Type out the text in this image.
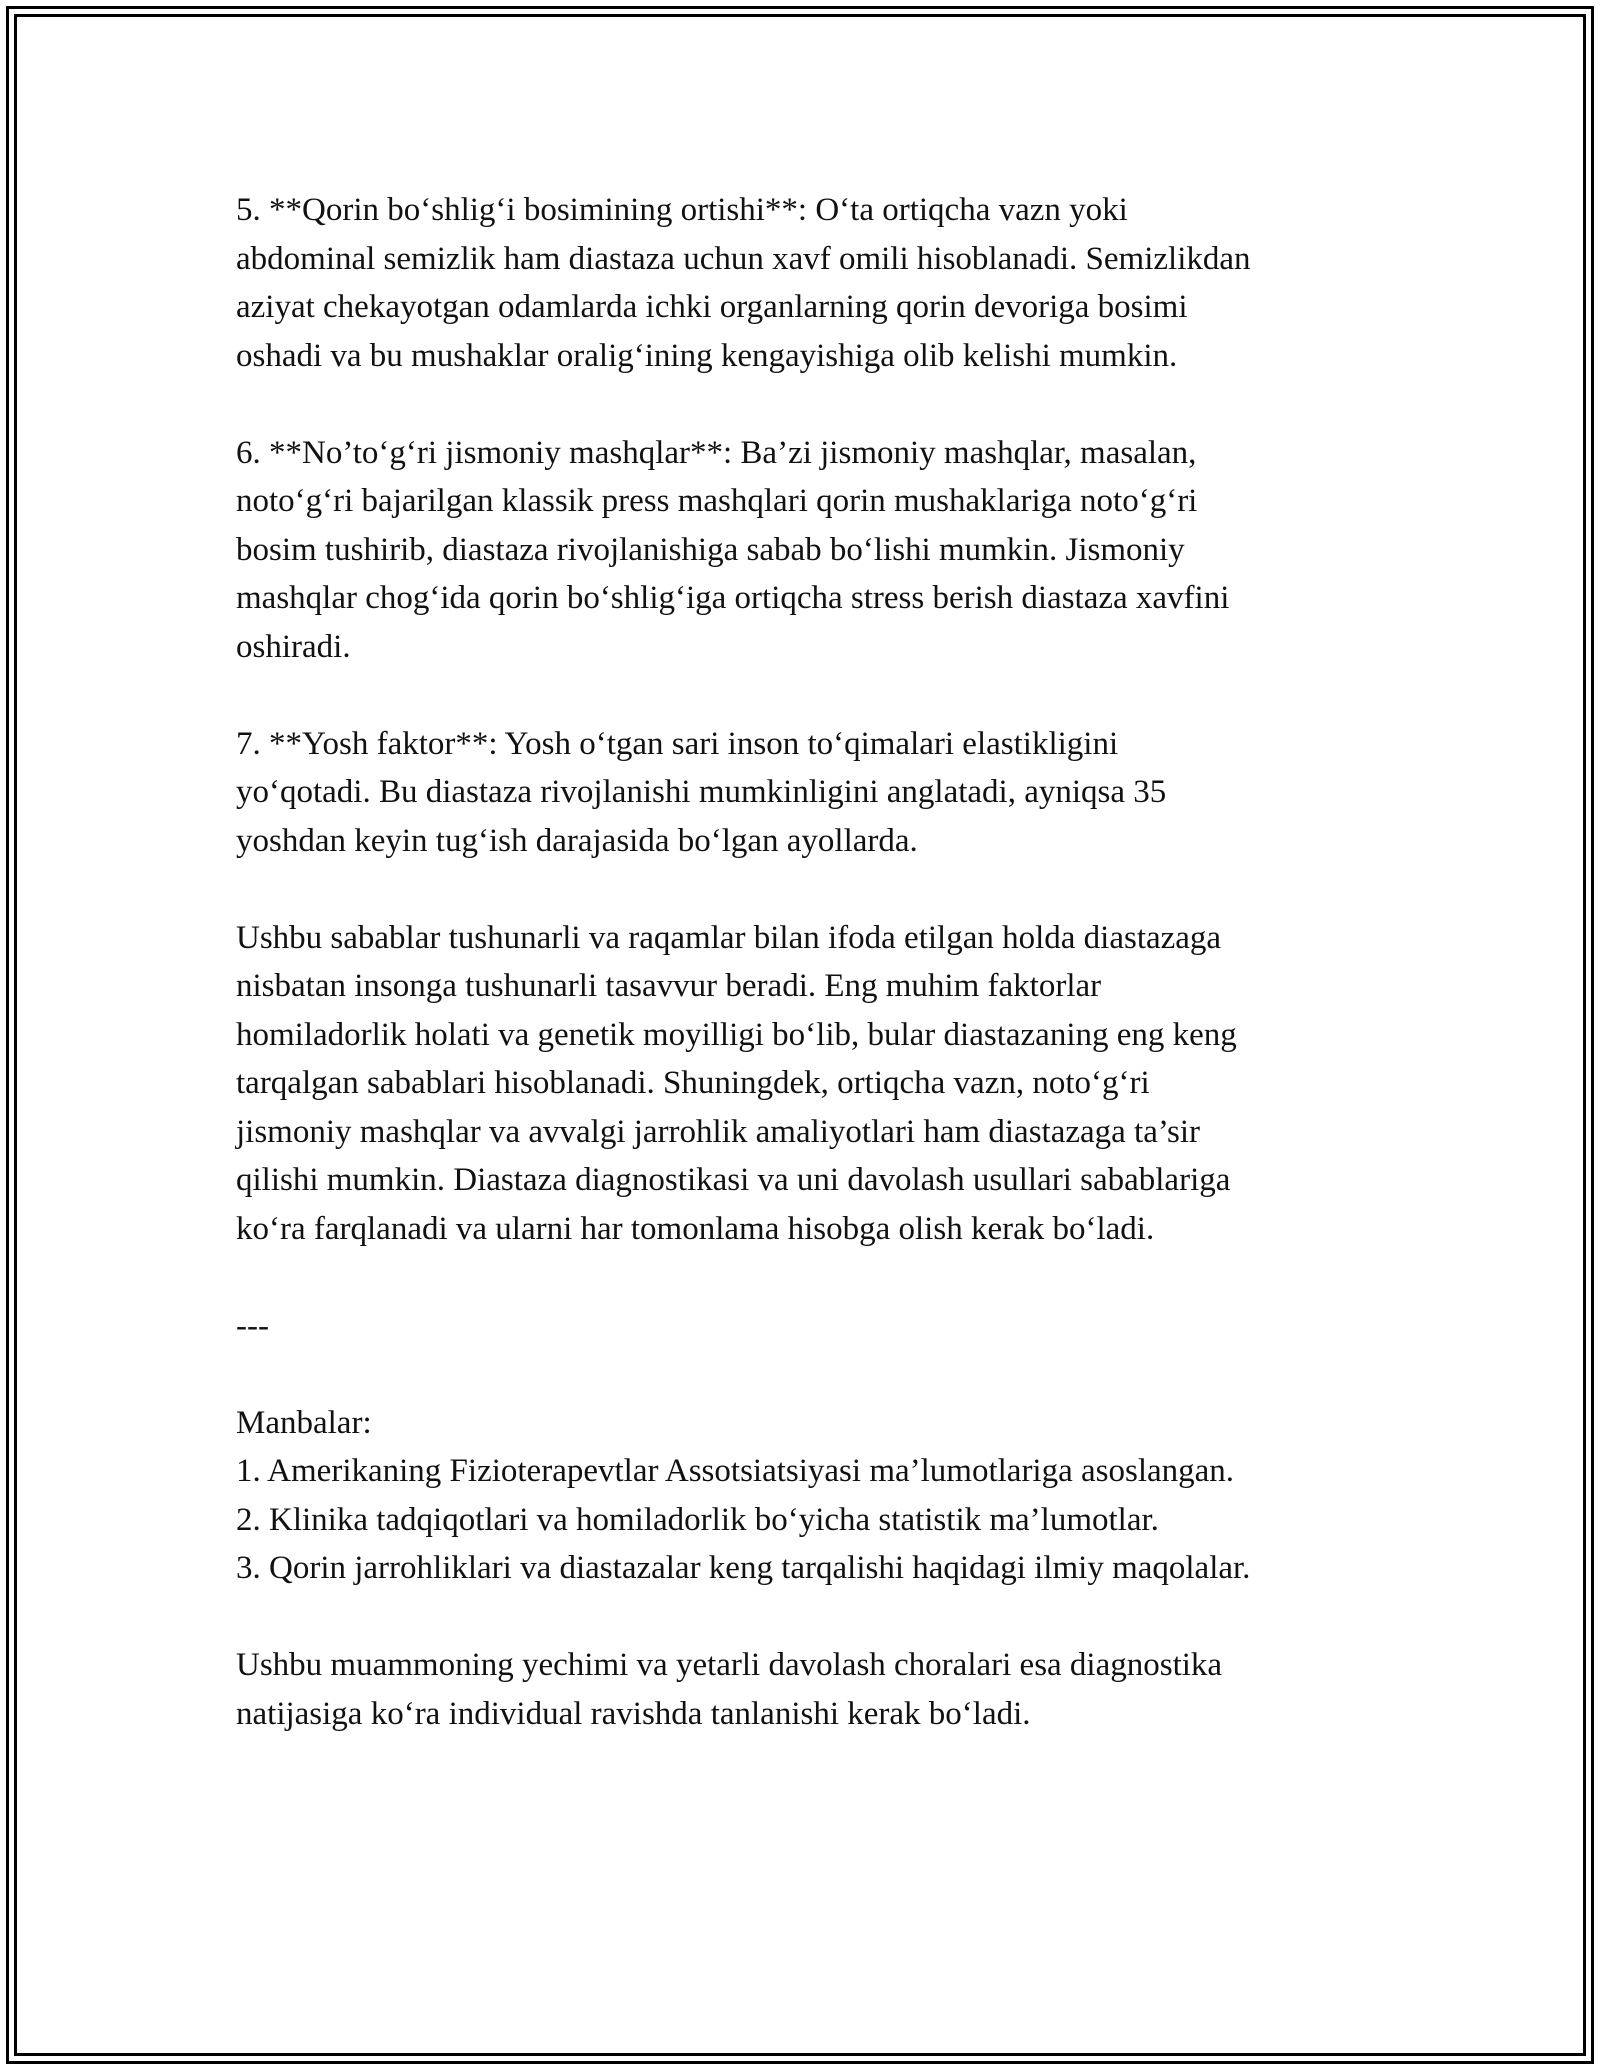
5. **Qorin bo‘shlig‘i bosimining ortishi**: O‘ta ortiqcha vazn yoki
abdominal semizlik ham diastaza uchun xavf omili hisoblanadi. Semizlikdan
aziyat chekayotgan odamlarda ichki organlarning qorin devoriga bosimi
oshadi va bu mushaklar oralig‘ining kengayishiga olib kelishi mumkin.

6. **No’to‘g‘ri jismoniy mashqlar**: Ba’zi jismoniy mashqlar, masalan,
noto‘g‘ri bajarilgan klassik press mashqlari qorin mushaklariga noto‘g‘ri
bosim tushirib, diastaza rivojlanishiga sabab bo‘lishi mumkin. Jismoniy
mashqlar chog‘ida qorin bo‘shlig‘iga ortiqcha stress berish diastaza xavfini
oshiradi.

7. **Yosh faktor**: Yosh o‘tgan sari inson to‘qimalari elastikligini
yo‘qotadi. Bu diastaza rivojlanishi mumkinligini anglatadi, ayniqsa 35
yoshdan keyin tug‘ish darajasida bo‘lgan ayollarda.

Ushbu sabablar tushunarli va raqamlar bilan ifoda etilgan holda diastazaga
nisbatan insonga tushunarli tasavvur beradi. Eng muhim faktorlar
homiladorlik holati va genetik moyilligi bo‘lib, bular diastazaning eng keng
tarqalgan sabablari hisoblanadi. Shuningdek, ortiqcha vazn, noto‘g‘ri
jismoniy mashqlar va avvalgi jarrohlik amaliyotlari ham diastazaga ta’sir
qilishi mumkin. Diastaza diagnostikasi va uni davolash usullari sabablariga
ko‘ra farqlanadi va ularni har tomonlama hisobga olish kerak bo‘ladi.

---

Manbalar:
1. Amerikaning Fizioterapevtlar Assotsiatsiyasi ma’lumotlariga asoslangan.
2. Klinika tadqiqotlari va homiladorlik bo‘yicha statistik ma’lumotlar.
3. Qorin jarrohliklari va diastazalar keng tarqalishi haqidagi ilmiy maqolalar.

Ushbu muammoning yechimi va yetarli davolash choralari esa diagnostika
natijasiga ko‘ra individual ravishda tanlanishi kerak bo‘ladi.
